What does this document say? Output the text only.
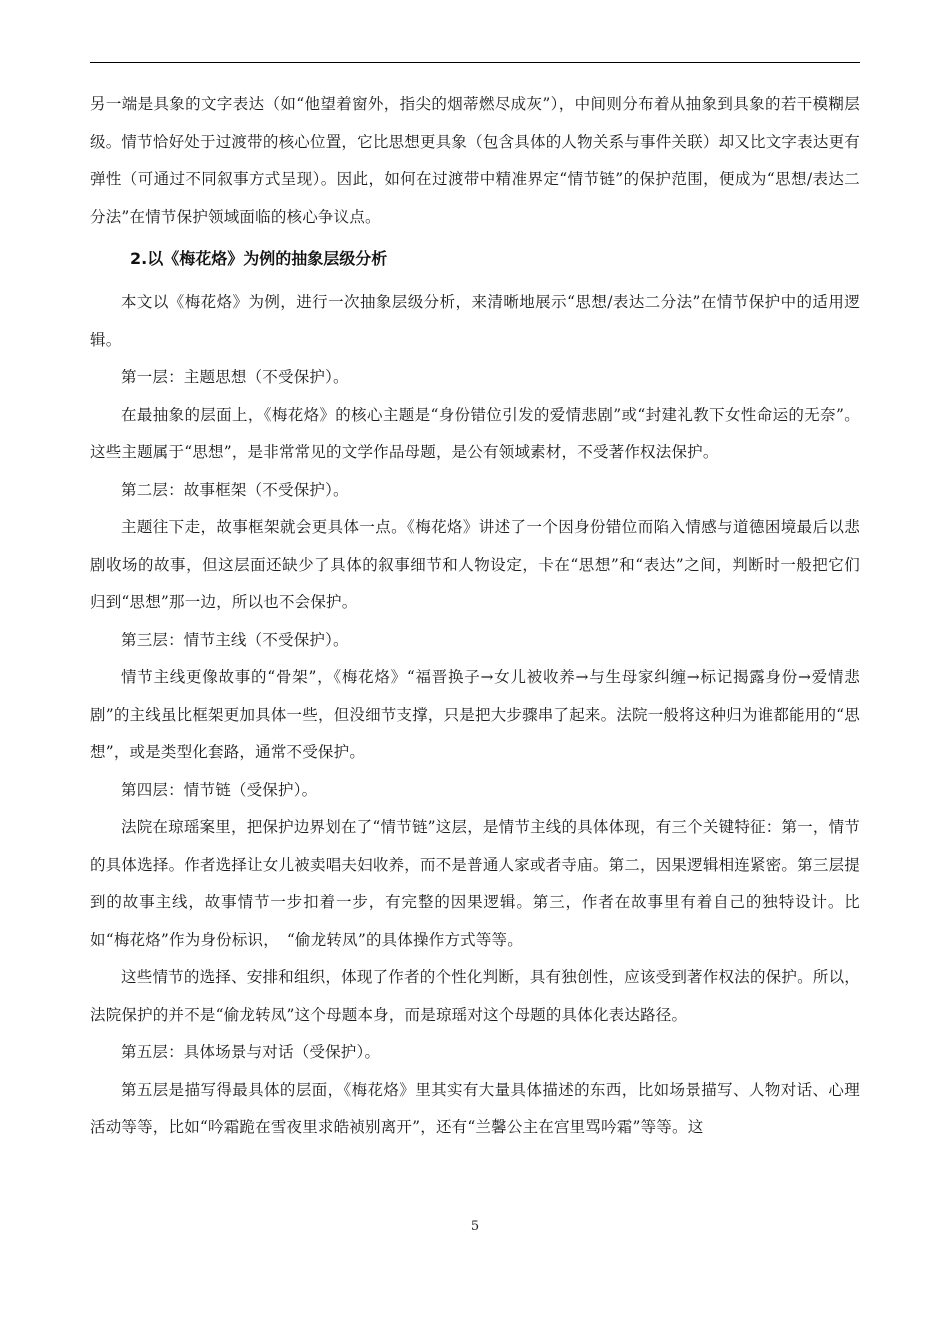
另一端是具象的文字表达（如“他望着窗外，指尖的烟蒂燃尽成灰”），中间则分布着从抽象到具象的若干模糊层级。情节恰好处于过渡带的核心位置，它比思想更具象（包含具体的人物关系与事件关联）却又比文字表达更有弹性（可通过不同叙事方式呈现）。因此，如何在过渡带中精准界定“情节链”的保护范围，便成为“思想/表达二分法”在情节保护领域面临的核心争议点。

2.以《梅花烙》为例的抽象层级分析

本文以《梅花烙》为例，进行一次抽象层级分析，来清晰地展示“思想/表达二分法”在情节保护中的适用逻辑。

第一层：主题思想（不受保护）。

在最抽象的层面上，《梅花烙》的核心主题是“身份错位引发的爱情悲剧”或“封建礼教下女性命运的无奈”。这些主题属于“思想”，是非常常见的文学作品母题，是公有领域素材，不受著作权法保护。

第二层：故事框架（不受保护）。

主题往下走，故事框架就会更具体一点。《梅花烙》讲述了一个因身份错位而陷入情感与道德困境最后以悲剧收场的故事，但这层面还缺少了具体的叙事细节和人物设定，卡在“思想”和“表达”之间，判断时一般把它们归到“思想”那一边，所以也不会保护。

第三层：情节主线（不受保护）。

情节主线更像故事的“骨架”，《梅花烙》“福晋换子→女儿被收养→与生母家纠缠→标记揭露身份→爱情悲剧”的主线虽比框架更加具体一些，但没细节支撑，只是把大步骤串了起来。法院一般将这种归为谁都能用的“思想”，或是类型化套路，通常不受保护。

第四层：情节链（受保护）。

法院在琼瑶案里，把保护边界划在了“情节链”这层，是情节主线的具体体现，有三个关键特征：第一，情节的具体选择。作者选择让女儿被卖唱夫妇收养，而不是普通人家或者寺庙。第二，因果逻辑相连紧密。第三层提到的故事主线，故事情节一步扣着一步，有完整的因果逻辑。第三，作者在故事里有着自己的独特设计。比如“梅花烙”作为身份标识，　“偷龙转凤”的具体操作方式等等。

这些情节的选择、安排和组织，体现了作者的个性化判断，具有独创性，应该受到著作权法的保护。所以，法院保护的并不是“偷龙转凤”这个母题本身，而是琼瑶对这个母题的具体化表达路径。

第五层：具体场景与对话（受保护）。

第五层是描写得最具体的层面，《梅花烙》里其实有大量具体描述的东西，比如场景描写、人物对话、心理活动等等，比如“吟霜跪在雪夜里求皓祯别离开”，还有“兰馨公主在宫里骂吟霜”等等。这

5
